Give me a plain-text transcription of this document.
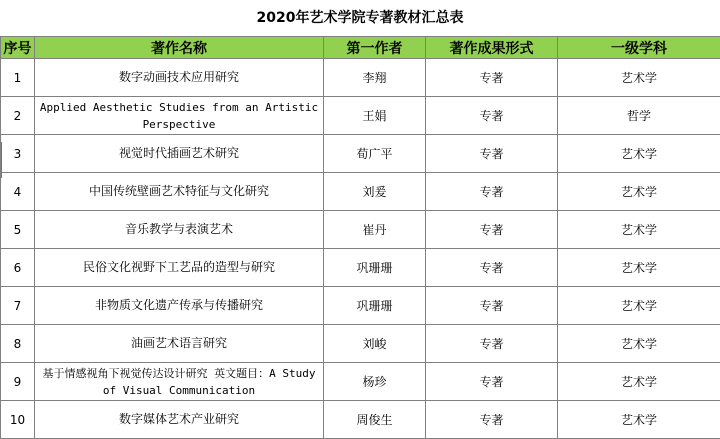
2020年艺术学院专著教材汇总表
序号	著作名称	第一作者	著作成果形式	一级学科
1	数字动画技术应用研究	李翔	专著	艺术学
2	Applied Aesthetic Studies from an Artistic Perspective	王娟	专著	哲学
3	视觉时代插画艺术研究	荀广平	专著	艺术学
4	中国传统壁画艺术特征与文化研究	刘爰	专著	艺术学
5	音乐教学与表演艺术	崔丹	专著	艺术学
6	民俗文化视野下工艺品的造型与研究	巩珊珊	专著	艺术学
7	非物质文化遗产传承与传播研究	巩珊珊	专著	艺术学
8	油画艺术语言研究	刘峻	专著	艺术学
9	基于情感视角下视觉传达设计研究 英文题目：A Study of Visual Communication	杨珍	专著	艺术学
10	数字媒体艺术产业研究	周俊生	专著	艺术学
